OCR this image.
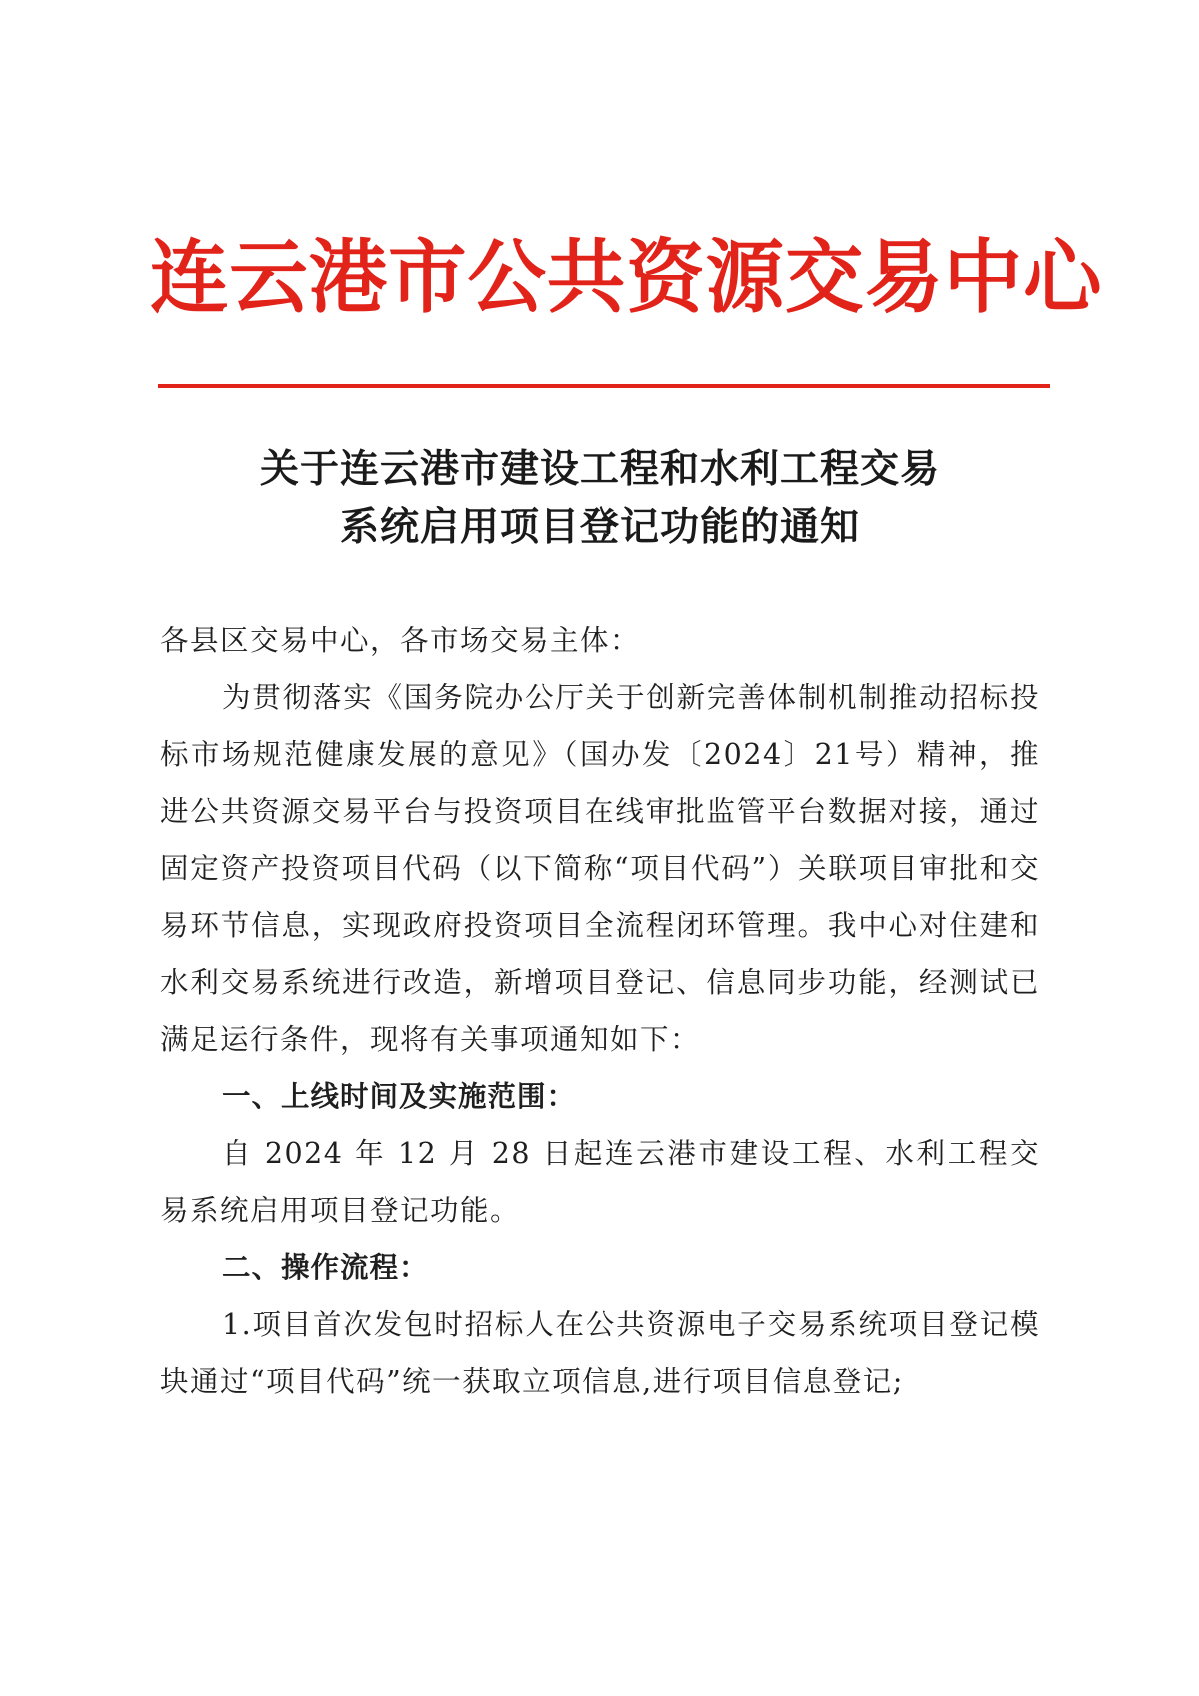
连云港市公共资源交易中心
关于连云港市建设工程和水利工程交易
系统启用项目登记功能的通知

各县区交易中心，各市场交易主体：

为贯彻落实《国务院办公厅关于创新完善体制机制推动招标投标市场规范健康发展的意见》（国办发〔2024〕21号）精神，推进公共资源交易平台与投资项目在线审批监管平台数据对接，通过固定资产投资项目代码（以下简称“项目代码”）关联项目审批和交易环节信息，实现政府投资项目全流程闭环管理。我中心对住建和水利交易系统进行改造，新增项目登记、信息同步功能，经测试已满足运行条件，现将有关事项通知如下：

一、上线时间及实施范围：

自 2024 年 12 月 28 日起连云港市建设工程、水利工程交易系统启用项目登记功能。

二、操作流程：

1.项目首次发包时招标人在公共资源电子交易系统项目登记模块通过“项目代码”统一获取立项信息,进行项目信息登记;
